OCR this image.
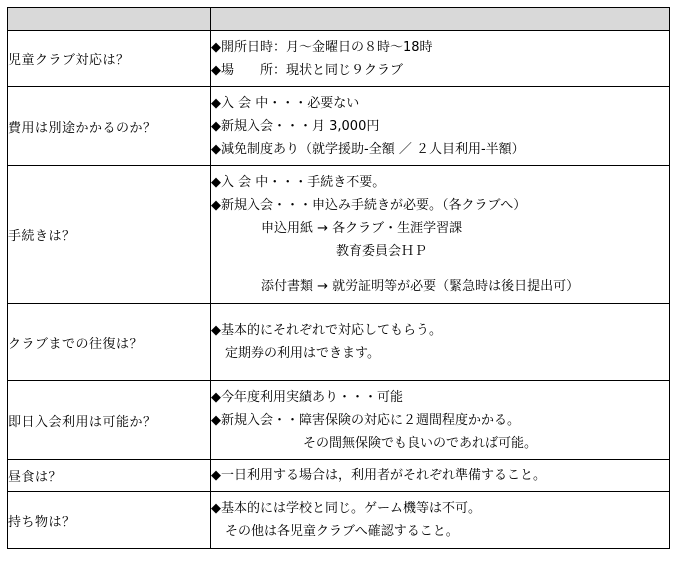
児童クラブ対応は？	◆開所日時：月～金曜日の８時～18時
◆場　　所：現状と同じ９クラブ

費用は別途かかるのか？	◆入 会 中・・・必要ない
◆新規入会・・・月 3,000円
◆減免制度あり（就学援助-全額 ／ ２人目利用-半額）

手続きは？	◆入 会 中・・・手続き不要。
◆新規入会・・・申込み手続きが必要。（各クラブへ）
申込用紙 → 各クラブ・生涯学習課
教育委員会ＨＰ
添付書類 → 就労証明等が必要（緊急時は後日提出可）

クラブまでの往復は？	◆基本的にそれぞれで対応してもらう。
定期券の利用はできます。

即日入会利用は可能か？	◆今年度利用実績あり・・・可能
◆新規入会・・障害保険の対応に２週間程度かかる。
その間無保険でも良いのであれば可能。

昼食は？	◆一日利用する場合は，利用者がそれぞれ準備すること。

持ち物は？	◆基本的には学校と同じ。ゲーム機等は不可。
その他は各児童クラブへ確認すること。
